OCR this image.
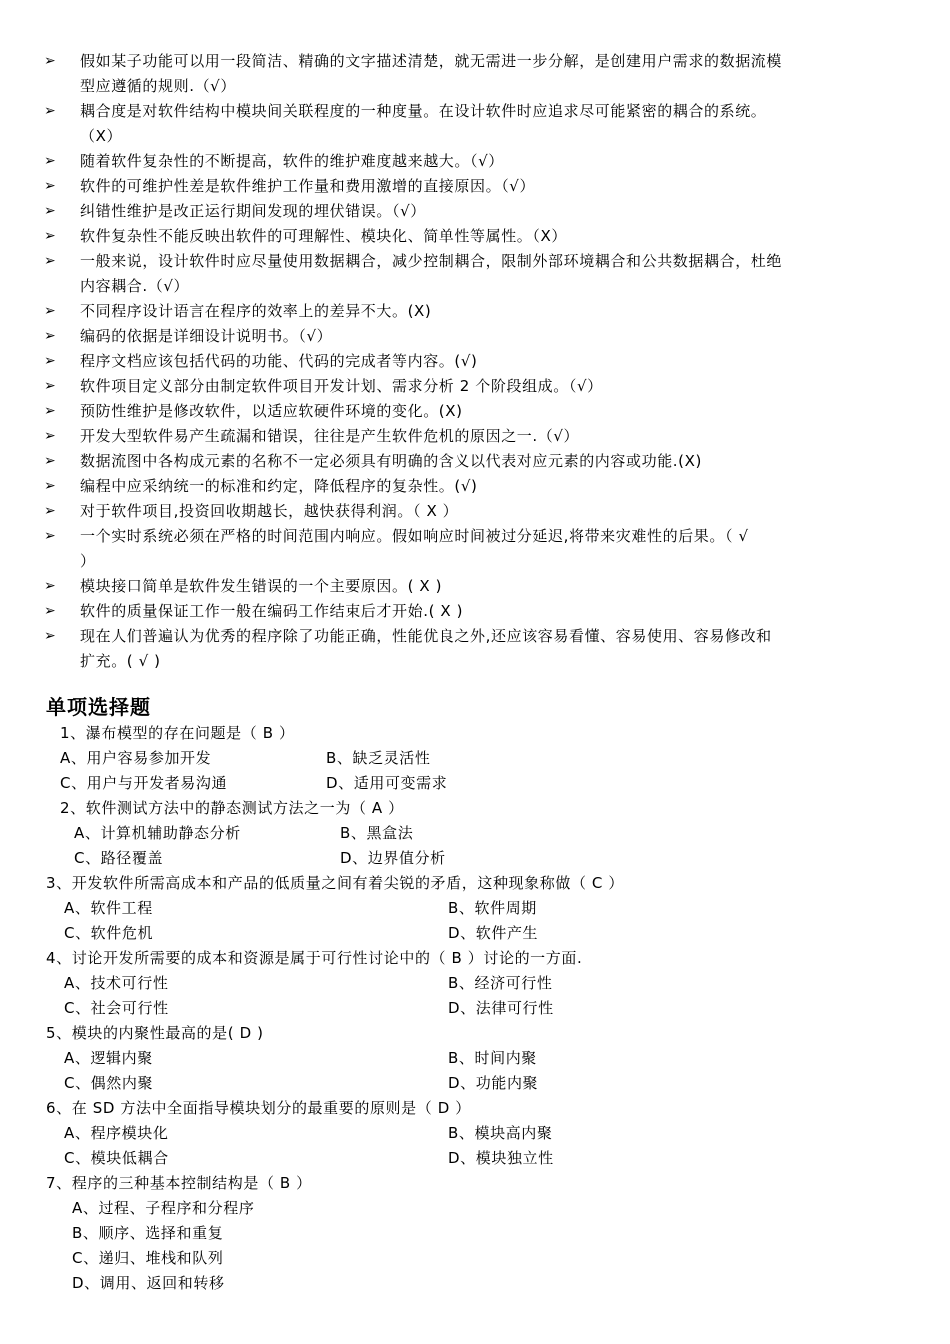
➢	假如某子功能可以用一段简洁、精确的文字描述清楚，就无需进一步分解，是创建用户需求的数据流模
型应遵循的规则.（√）
➢	耦合度是对软件结构中模块间关联程度的一种度量。在设计软件时应追求尽可能紧密的耦合的系统。
（X）
➢	随着软件复杂性的不断提高，软件的维护难度越来越大。（√）
➢	软件的可维护性差是软件维护工作量和费用激增的直接原因。（√）
➢	纠错性维护是改正运行期间发现的埋伏错误。（√）
➢	软件复杂性不能反映出软件的可理解性、模块化、简单性等属性。（X）
➢	一般来说，设计软件时应尽量使用数据耦合，减少控制耦合，限制外部环境耦合和公共数据耦合，杜绝
内容耦合.（√）
➢	不同程序设计语言在程序的效率上的差异不大。(X)
➢	编码的依据是详细设计说明书。（√）
➢	程序文档应该包括代码的功能、代码的完成者等内容。(√)
➢	软件项目定义部分由制定软件项目开发计划、需求分析 2 个阶段组成。（√）
➢	预防性维护是修改软件，以适应软硬件环境的变化。(X)
➢	开发大型软件易产生疏漏和错误，往往是产生软件危机的原因之一.（√）
➢	数据流图中各构成元素的名称不一定必须具有明确的含义以代表对应元素的内容或功能.(X)
➢	编程中应采纳统一的标准和约定，降低程序的复杂性。(√)
➢	对于软件项目,投资回收期越长，越快获得利润。（ X ）
➢	一个实时系统必须在严格的时间范围内响应。假如响应时间被过分延迟,将带来灾难性的后果。（ √
）
➢	模块接口简单是软件发生错误的一个主要原因。( X )
➢	软件的质量保证工作一般在编码工作结束后才开始.( X )
➢	现在人们普遍认为优秀的程序除了功能正确，性能优良之外,还应该容易看懂、容易使用、容易修改和
扩充。( √ )
单项选择题
1、瀑布模型的存在问题是（ B ）
A、用户容易参加开发	B、缺乏灵活性
C、用户与开发者易沟通	D、适用可变需求
2、软件测试方法中的静态测试方法之一为（ A ）
A、计算机辅助静态分析	B、黑盒法
C、路径覆盖	D、边界值分析
3、开发软件所需高成本和产品的低质量之间有着尖锐的矛盾，这种现象称做（ C ）
A、软件工程	B、软件周期
C、软件危机	D、软件产生
4、讨论开发所需要的成本和资源是属于可行性讨论中的（ B ）讨论的一方面.
A、技术可行性	B、经济可行性
C、社会可行性	D、法律可行性
5、模块的内聚性最高的是( D )
A、逻辑内聚	B、时间内聚
C、偶然内聚	D、功能内聚
6、在 SD 方法中全面指导模块划分的最重要的原则是（ D ）
A、程序模块化	B、模块高内聚
C、模块低耦合	D、模块独立性
7、程序的三种基本控制结构是（ B ）
A、过程、子程序和分程序
B、顺序、选择和重复
C、递归、堆栈和队列
D、调用、返回和转移
